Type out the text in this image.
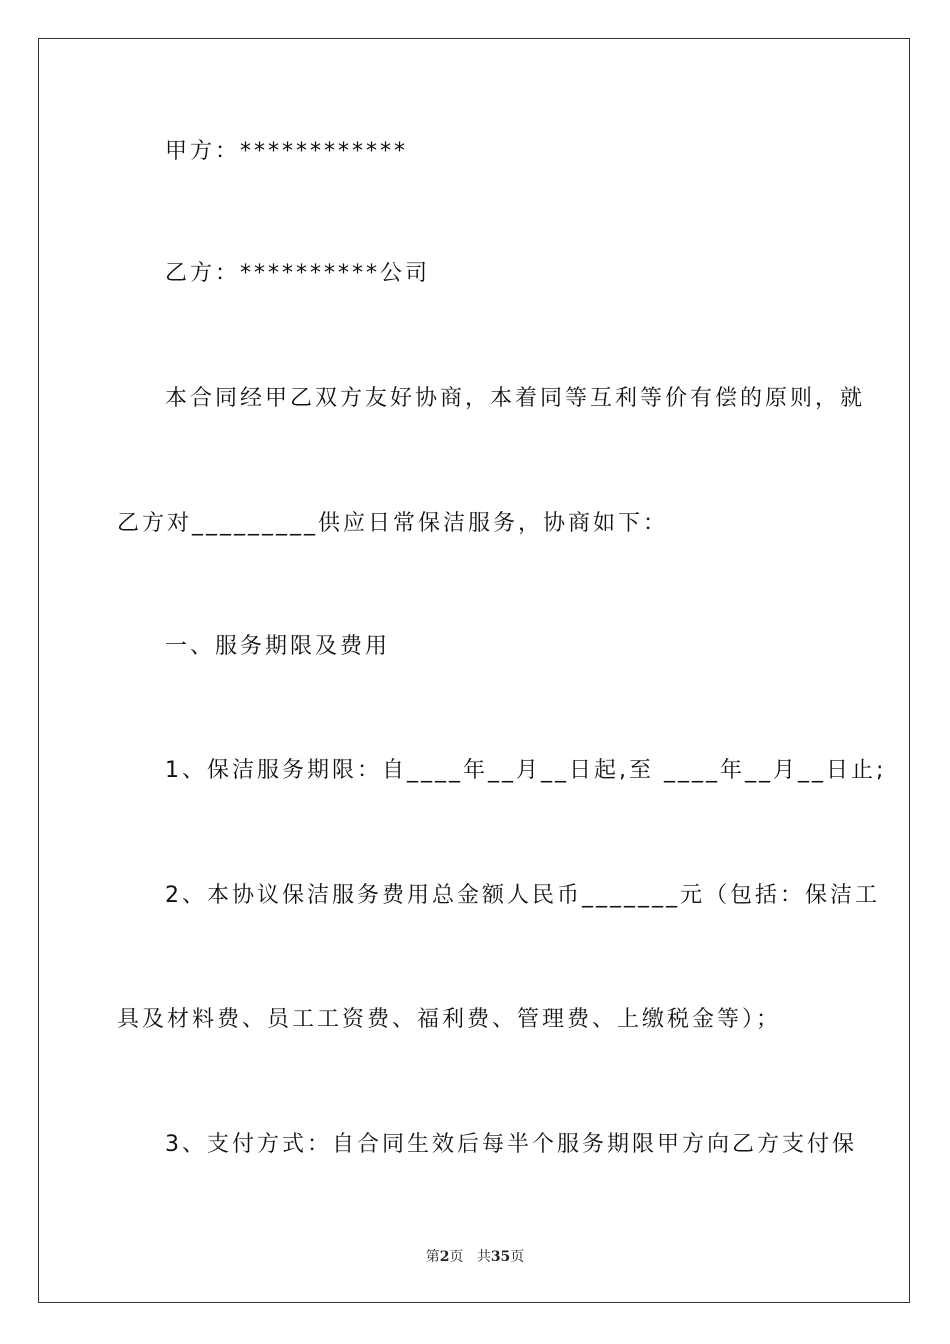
甲方：************
乙方：**********公司
本合同经甲乙双方友好协商，本着同等互利等价有偿的原则，就
乙方对_________供应日常保洁服务，协商如下：
一、服务期限及费用
1、保洁服务期限：自____年__月__日起,至 ____年__月__日止;
2、本协议保洁服务费用总金额人民币_______元（包括：保洁工
具及材料费、员工工资费、福利费、管理费、上缴税金等）；
3、支付方式：自合同生效后每半个服务期限甲方向乙方支付保
第2页 共35页
